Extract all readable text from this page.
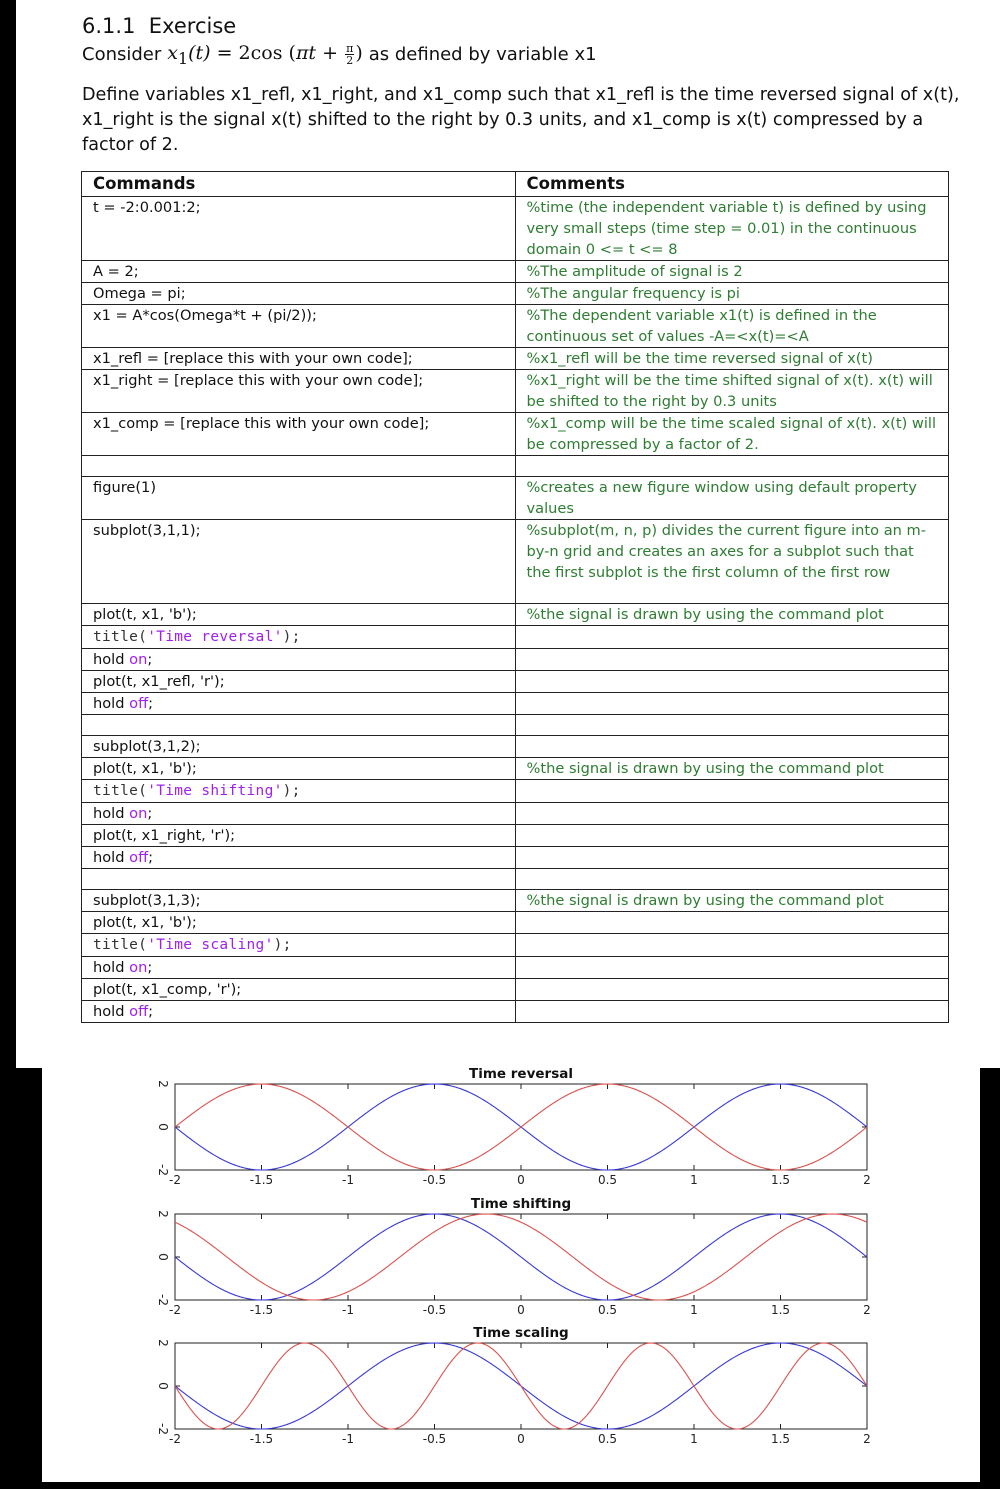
6.1.1 Exercise
Consider $x_1(t) = 2\cos$ ($\pi t + \frac{\pi}{2}$ ) as defined by variable x1
Define variables x1_refl, x1_right, and x1_comp such that x1_refl is the time reversed signal of x(t), x1_right is the signal x(t) shifted to the right by 0.3 units, and x1_comp is x(t) compressed by a factor of 2.
Commands	Comments
t = -2:0.001:2;	%time (the independent variable t) is defined by using very small steps (time step = 0.01) in the continuous domain 0 <= t <= 8
A = 2;	%The amplitude of signal is 2
Omega = pi;	%The angular frequency is pi
x1 = A*cos(Omega*t + (pi/2));	%The dependent variable x1(t) is defined in the continuous set of values -A=<x(t)=<A
x1_refl = [replace this with your own code];	%x1_refl will be the time reversed signal of x(t)
x1_right = [replace this with your own code];	%x1_right will be the time shifted signal of x(t). x(t) will be shifted to the right by 0.3 units
x1_comp = [replace this with your own code];	%x1_comp will be the time scaled signal of x(t). x(t) will be compressed by a factor of 2.

figure(1)	%creates a new figure window using default property values
subplot(3,1,1);	%subplot(m, n, p) divides the current figure into an m-by-n grid and creates an axes for a subplot such that the first subplot is the first column of the first row
plot(t, x1, 'b');	%the signal is drawn by using the command plot
title('Time reversal');	
hold on;	
plot(t, x1_refl, 'r');	
hold off;	

subplot(3,1,2);	
plot(t, x1, 'b');	%the signal is drawn by using the command plot
title('Time shifting');	
hold on;	
plot(t, x1_right, 'r');	
hold off;	

subplot(3,1,3);	%the signal is drawn by using the command plot
plot(t, x1, 'b');	
title('Time scaling');	
hold on;	
plot(t, x1_comp, 'r');	
hold off;	
Time reversal
-2	-1.5	-1	-0.5	0	0.5	1	1.5	2
-2
0
2
Time shifting
-2	-1.5	-1	-0.5	0	0.5	1	1.5	2
-2
0
2
Time scaling
-2	-1.5	-1	-0.5	0	0.5	1	1.5	2
-2
0
2
